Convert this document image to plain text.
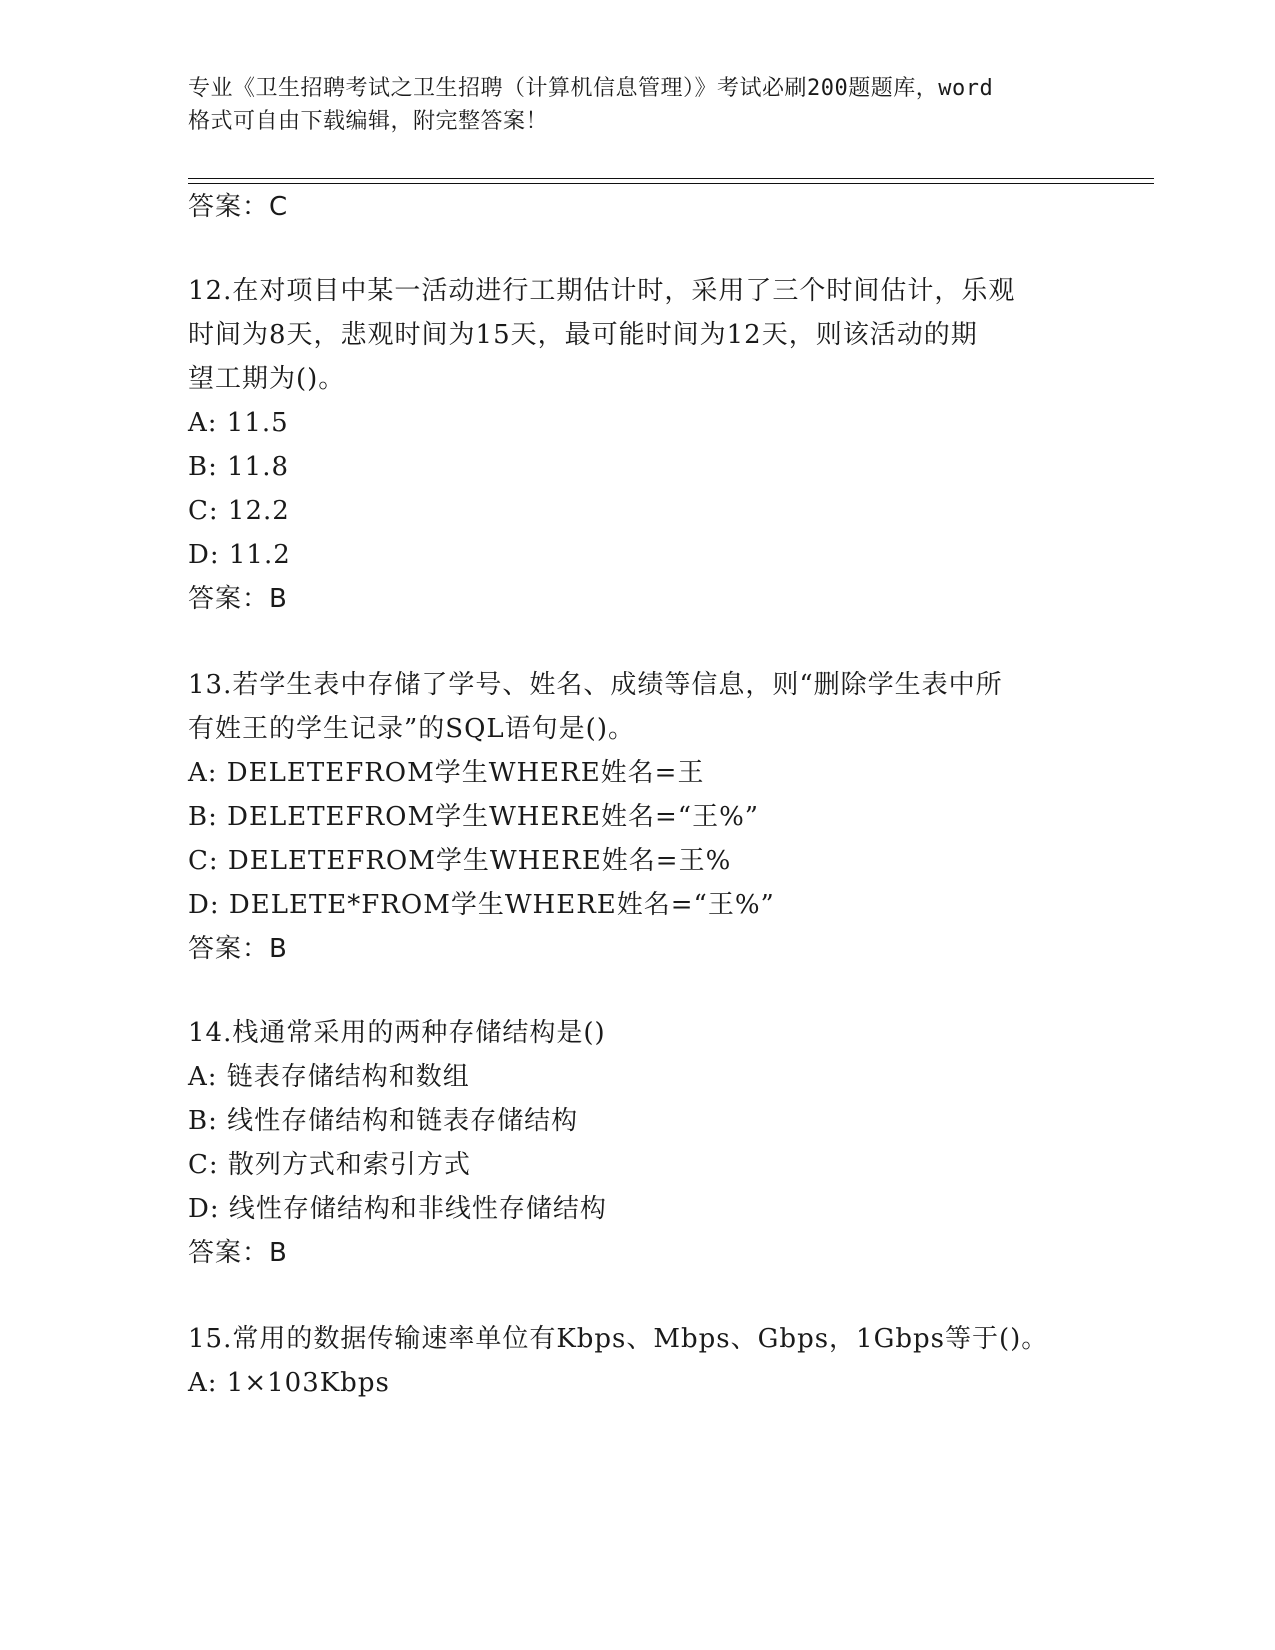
专业《卫生招聘考试之卫生招聘（计算机信息管理）》考试必刷200题题库，word
格式可自由下载编辑，附完整答案！
答案：C
12.在对项目中某一活动进行工期估计时，采用了三个时间估计，乐观
时间为8天，悲观时间为15天，最可能时间为12天，则该活动的期
望工期为()。
A: 11.5
B: 11.8
C: 12.2
D: 11.2
答案：B
13.若学生表中存储了学号、姓名、成绩等信息，则“删除学生表中所
有姓王的学生记录”的SQL语句是()。
A: DELETEFROM学生WHERE姓名=王
B: DELETEFROM学生WHERE姓名=“王%”
C: DELETEFROM学生WHERE姓名=王%
D: DELETE*FROM学生WHERE姓名=“王%”
答案：B
14.栈通常采用的两种存储结构是()
A: 链表存储结构和数组
B: 线性存储结构和链表存储结构
C: 散列方式和索引方式
D: 线性存储结构和非线性存储结构
答案：B
15.常用的数据传输速率单位有Kbps、Mbps、Gbps，1Gbps等于()。
A: 1×103Kbps
